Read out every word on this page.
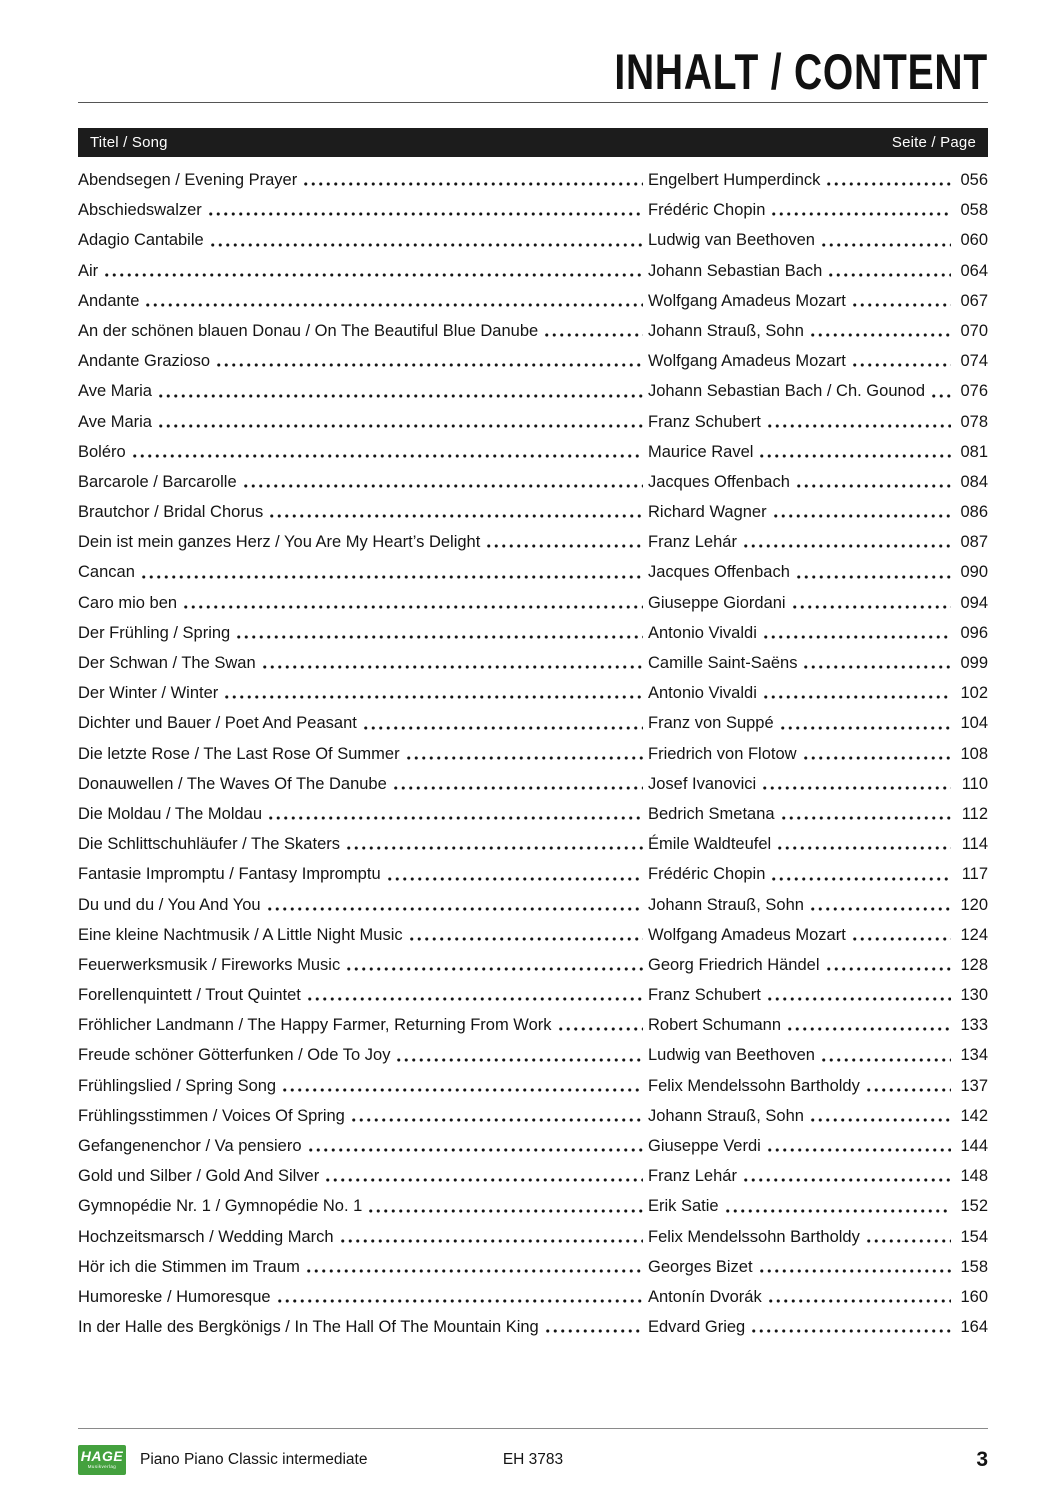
INHALT / CONTENT
Titel / Song	Seite / Page
Abendsegen / Evening Prayer	Engelbert Humperdinck	056
Abschiedswalzer	Frédéric Chopin	058
Adagio Cantabile	Ludwig van Beethoven	060
Air	Johann Sebastian Bach	064
Andante	Wolfgang Amadeus Mozart	067
An der schönen blauen Donau / On The Beautiful Blue Danube	Johann Strauß, Sohn	070
Andante Grazioso	Wolfgang Amadeus Mozart	074
Ave Maria	Johann Sebastian Bach / Ch. Gounod 076
Ave Maria	Franz Schubert	078
Boléro	Maurice Ravel	081
Barcarole / Barcarolle	Jacques Offenbach	084
Brautchor / Bridal Chorus	Richard Wagner	086
Dein ist mein ganzes Herz / You Are My Heart’s Delight	Franz Lehár	087
Cancan	Jacques Offenbach	090
Caro mio ben	Giuseppe Giordani	094
Der Frühling / Spring	Antonio Vivaldi	096
Der Schwan / The Swan	Camille Saint-Saëns	099
Der Winter / Winter	Antonio Vivaldi	102
Dichter und Bauer / Poet And Peasant	Franz von Suppé	104
Die letzte Rose / The Last Rose Of Summer	Friedrich von Flotow	108
Donauwellen / The Waves Of The Danube	Josef Ivanovici	110
Die Moldau / The Moldau	Bedrich Smetana	112
Die Schlittschuhläufer / The Skaters	Émile Waldteufel	114
Fantasie Impromptu / Fantasy Impromptu	Frédéric Chopin	117
Du und du / You And You	Johann Strauß, Sohn	120
Eine kleine Nachtmusik / A Little Night Music	Wolfgang Amadeus Mozart	124
Feuerwerksmusik / Fireworks Music	Georg Friedrich Händel	128
Forellenquintett / Trout Quintet	Franz Schubert	130
Fröhlicher Landmann / The Happy Farmer, Returning From Work	Robert Schumann	133
Freude schöner Götterfunken / Ode To Joy	Ludwig van Beethoven	134
Frühlingslied / Spring Song	Felix Mendelssohn Bartholdy	137
Frühlingsstimmen / Voices Of Spring	Johann Strauß, Sohn	142
Gefangenenchor / Va pensiero	Giuseppe Verdi	144
Gold und Silber / Gold And Silver	Franz Lehár	148
Gymnopédie Nr. 1 / Gymnopédie No. 1	Erik Satie	152
Hochzeitsmarsch / Wedding March	Felix Mendelssohn Bartholdy	154
Hör ich die Stimmen im Traum	Georges Bizet	158
Humoreske / Humoresque	Antonín Dvorák	160
In der Halle des Bergkönigs / In The Hall Of The Mountain King	Edvard Grieg	164
HAGE
Musikverlag Piano Piano Classic intermediate	EH 3783	3
